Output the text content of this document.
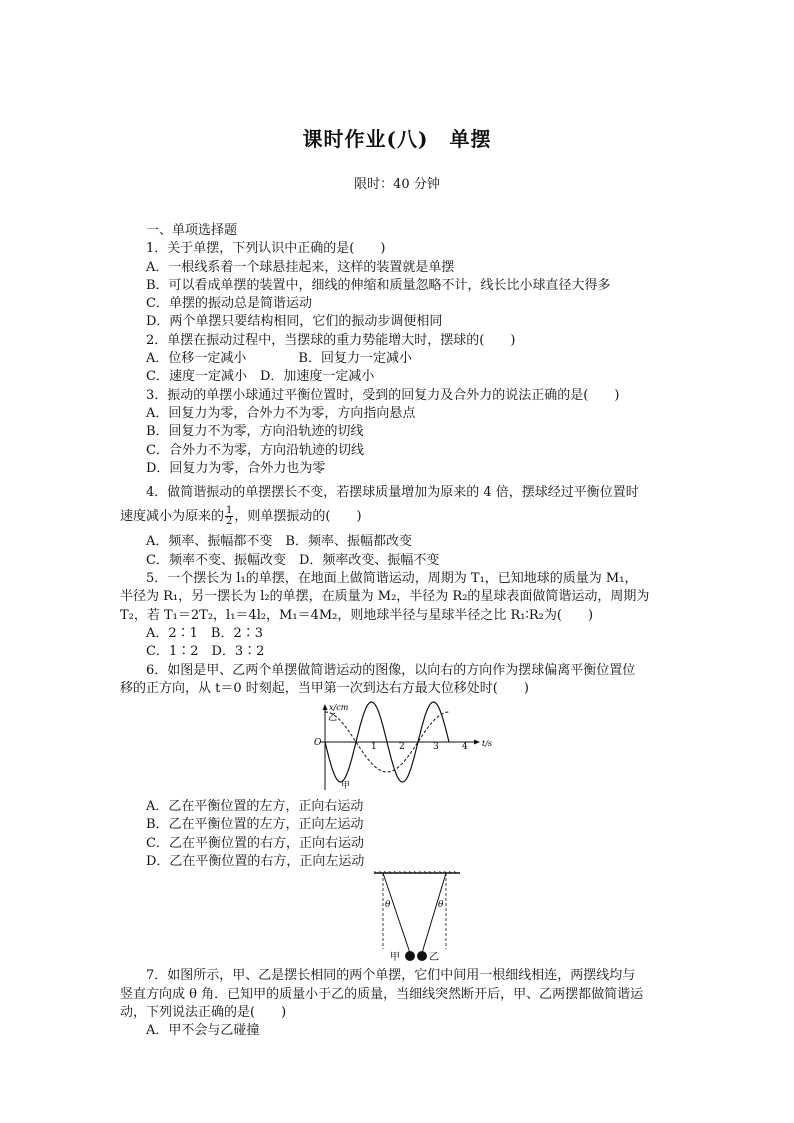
课时作业(八)　单摆
限时：40 分钟
一、单项选择题
1．关于单摆，下列认识中正确的是(　　)
A．一根线系着一个球悬挂起来，这样的装置就是单摆
B．可以看成单摆的装置中，细线的伸缩和质量忽略不计，线长比小球直径大得多
C．单摆的振动总是简谐运动
D．两个单摆只要结构相同，它们的振动步调便相同
2．单摆在振动过程中，当摆球的重力势能增大时，摆球的(　　)
A．位移一定减小　　　　B．回复力一定减小
C．速度一定减小　D．加速度一定减小
3．振动的单摆小球通过平衡位置时，受到的回复力及合外力的说法正确的是(　　)
A．回复力为零，合外力不为零，方向指向悬点
B．回复力不为零，方向沿轨迹的切线
C．合外力不为零，方向沿轨迹的切线
D．回复力为零，合外力也为零
4．做简谐振动的单摆摆长不变，若摆球质量增加为原来的 4 倍，摆球经过平衡位置时
速度减小为原来的 $\frac{1}{2}$ ，则单摆振动的(　　)
A．频率、振幅都不变　B．频率、振幅都改变
C．频率不变、振幅改变　D．频率改变、振幅不变
5．一个摆长为 l₁的单摆，在地面上做简谐运动，周期为 T₁，已知地球的质量为 M₁，
半径为 R₁，另一摆长为 l₂的单摆，在质量为 M₂，半径为 R₂的星球表面做简谐运动，周期为
T₂，若 T₁＝2T₂，l₁＝4l₂，M₁＝4M₂，则地球半径与星球半径之比 R₁∶R₂为(　　)
A．2∶1　B．2∶3
C．1∶2　D．3∶2
6．如图是甲、乙两个单摆做简谐运动的图像，以向右的方向作为摆球偏离平衡位置位
移的正方向，从 t＝0 时刻起，当甲第一次到达右方最大位移处时(　　)
x/cm
t/s
O	1 2	3	4
乙
甲
A．乙在平衡位置的左方，正向右运动
B．乙在平衡位置的左方，正向左运动
C．乙在平衡位置的右方，正向右运动
D．乙在平衡位置的右方，正向左运动
θ	θ
甲	乙
7．如图所示，甲、乙是摆长相同的两个单摆，它们中间用一根细线相连，两摆线均与
竖直方向成 θ 角．已知甲的质量小于乙的质量，当细线突然断开后，甲、乙两摆都做简谐运
动，下列说法正确的是(　　)
A．甲不会与乙碰撞
